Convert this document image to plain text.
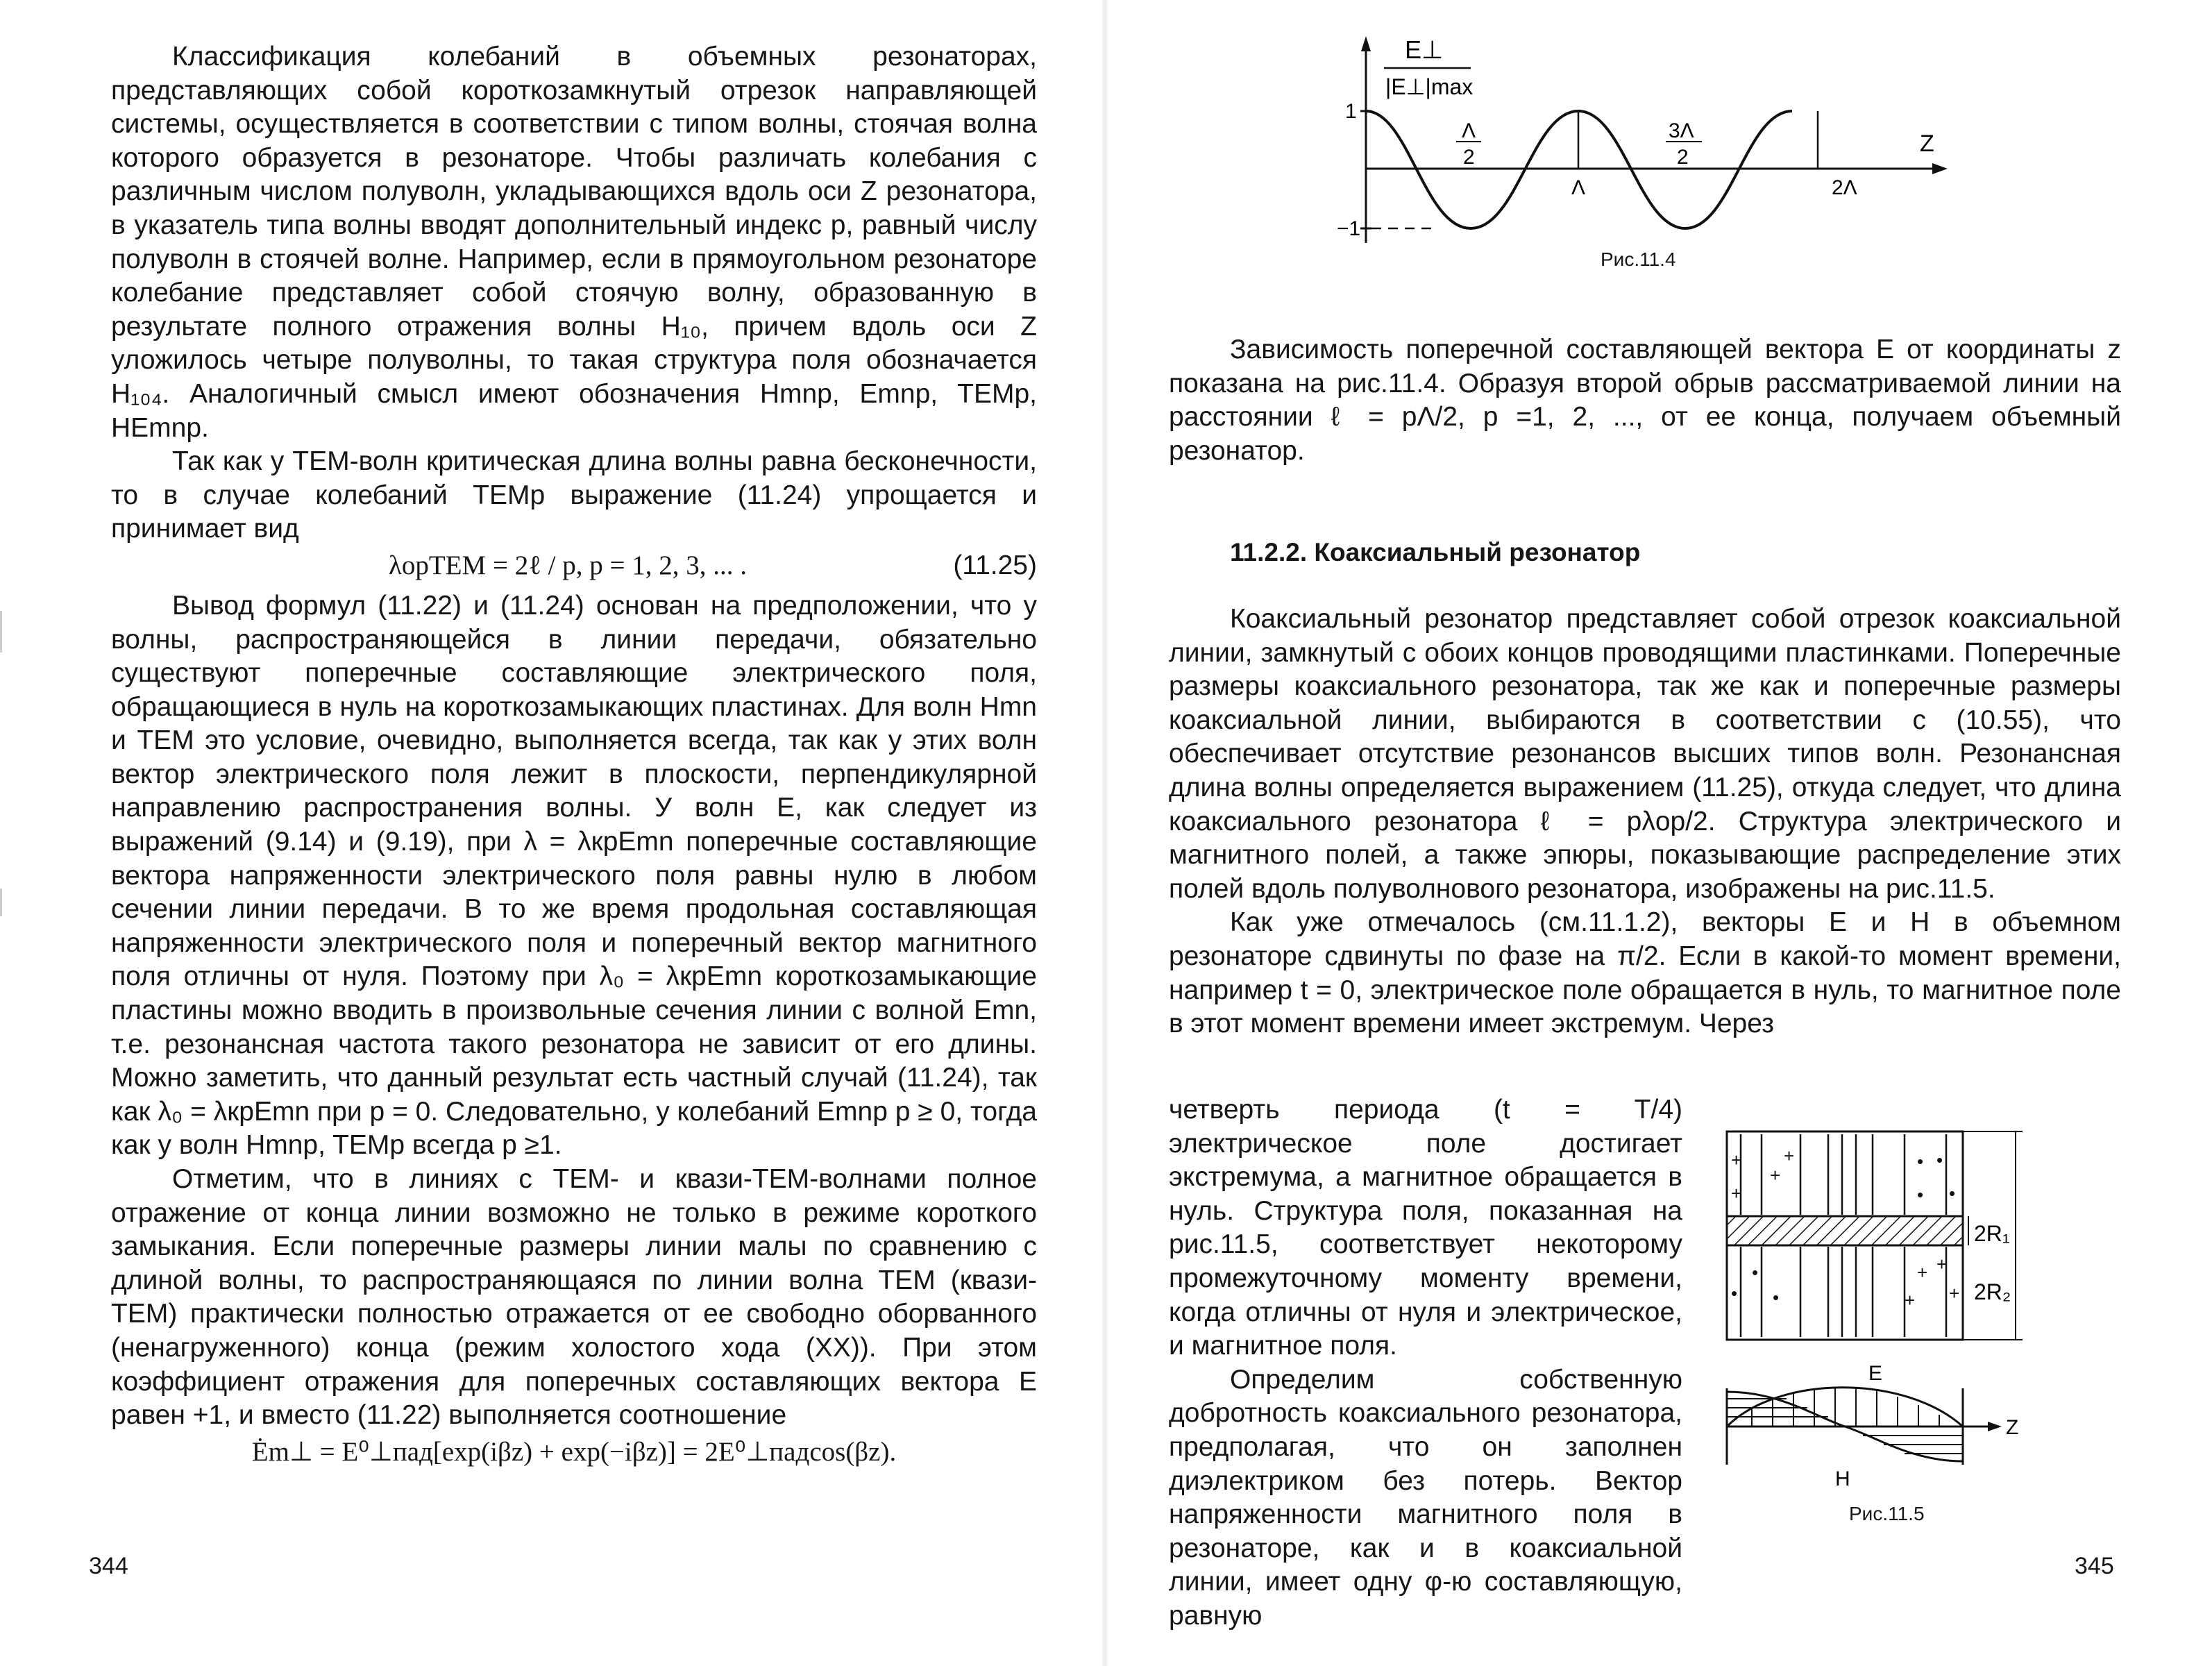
Классификация колебаний в объемных резонаторах, представляющих собой короткозамкнутый отрезок направляющей системы, осуществляется в соответствии с типом волны, стоячая волна которого образуется в резонаторе. Чтобы различать колебания с различным числом полуволн, укладывающихся вдоль оси Z резонатора, в указатель типа волны вводят дополнительный индекс p, равный числу полуволн в стоячей волне. Например, если в прямоугольном резонаторе колебание представляет собой стоячую волну, образованную в результате полного отражения волны H₁₀, причем вдоль оси Z уложилось четыре полуволны, то такая структура поля обозначается H₁₀₄. Аналогичный смысл имеют обозначения Hmnp, Emnp, TEMp, HEmnp.

Так как у TEM-волн критическая длина волны равна бесконечности, то в случае колебаний TEMp выражение (11.24) упрощается и принимает вид

λорTEM = 2ℓ / p, p = 1, 2, 3, ... .	(11.25)

Вывод формул (11.22) и (11.24) основан на предположении, что у волны, распространяющейся в линии передачи, обязательно существуют поперечные составляющие электрического поля, обращающиеся в нуль на короткозамыкающих пластинах. Для волн Hmn и TEM это условие, очевидно, выполняется всегда, так как у этих волн вектор электрического поля лежит в плоскости, перпендикулярной направлению распространения волны. У волн E, как следует из выражений (9.14) и (9.19), при λ = λкрEmn поперечные составляющие вектора напряженности электрического поля равны нулю в любом сечении линии передачи. В то же время продольная составляющая напряженности электрического поля и поперечный вектор магнитного поля отличны от нуля. Поэтому при λ₀ = λкрEmn короткозамыкающие пластины можно вводить в произвольные сечения линии с волной Emn, т.е. резонансная частота такого резонатора не зависит от его длины. Можно заметить, что данный результат есть частный случай (11.24), так как λ₀ = λкрEmn при p = 0. Следовательно, у колебаний Emnp p ≥ 0, тогда как у волн Hmnp, TEMp всегда p ≥1.

Отметим, что в линиях с TEM- и квази-TEM-волнами полное отражение от конца линии возможно не только в режиме короткого замыкания. Если поперечные размеры линии малы по сравнению с длиной волны, то распространяющаяся по линии волна TEM (квази-TEM) практически полностью отражается от ее свободно оборванного (ненагруженного) конца (режим холостого хода (ХХ)). При этом коэффициент отражения для поперечных составляющих вектора E равен +1, и вместо (11.22) выполняется соотношение

Ėm⊥ = E⁰⊥пад[exp(iβz) + exp(−iβz)] = 2E⁰⊥падcos(βz).
344
E⊥
|E⊥|max
1
−1
Λ
2
Λ
3Λ
2
2Λ
Z
Рис.11.4

Зависимость поперечной составляющей вектора E от координаты z показана на рис.11.4. Образуя второй обрыв рассматриваемой линии на расстоянии ℓ = pΛ/2, p =1, 2, ..., от ее конца, получаем объемный резонатор.

11.2.2. Коаксиальный резонатор

Коаксиальный резонатор представляет собой отрезок коаксиальной линии, замкнутый с обоих концов проводящими пластинками. Поперечные размеры коаксиального резонатора, так же как и поперечные размеры коаксиальной линии, выбираются в соответствии с (10.55), что обеспечивает отсутствие резонансов высших типов волн. Резонансная длина волны определяется выражением (11.25), откуда следует, что длина коаксиального резонатора ℓ = pλор/2. Структура электрического и магнитного полей, а также эпюры, показывающие распределение этих полей вдоль полуволнового резонатора, изображены на рис.11.5.

Как уже отмечалось (см.11.1.2), векторы E и H в объемном резонаторе сдвинуты по фазе на π/2. Если в какой-то момент времени, например t = 0, электрическое поле обращается в нуль, то магнитное поле в этот момент времени имеет экстремум. Через

четверть периода (t = T/4) электрическое поле достигает экстремума, а магнитное обращается в нуль. Структура поля, показанная на рис.11.5, соответствует некоторому промежуточному моменту времени, когда отличны от нуля и электрическое, и магнитное поля.

Определим собственную добротность коаксиального резонатора, предполагая, что он заполнен диэлектриком без потерь. Вектор напряженности магнитного поля в резонаторе, как и в коаксиальной линии, имеет одну φ-ю составляющую, равную

+
+
+
+
• •
• •
•
• •
+ +
+
+
2R₁
2R₂
E
H
Z
Рис.11.5
345
